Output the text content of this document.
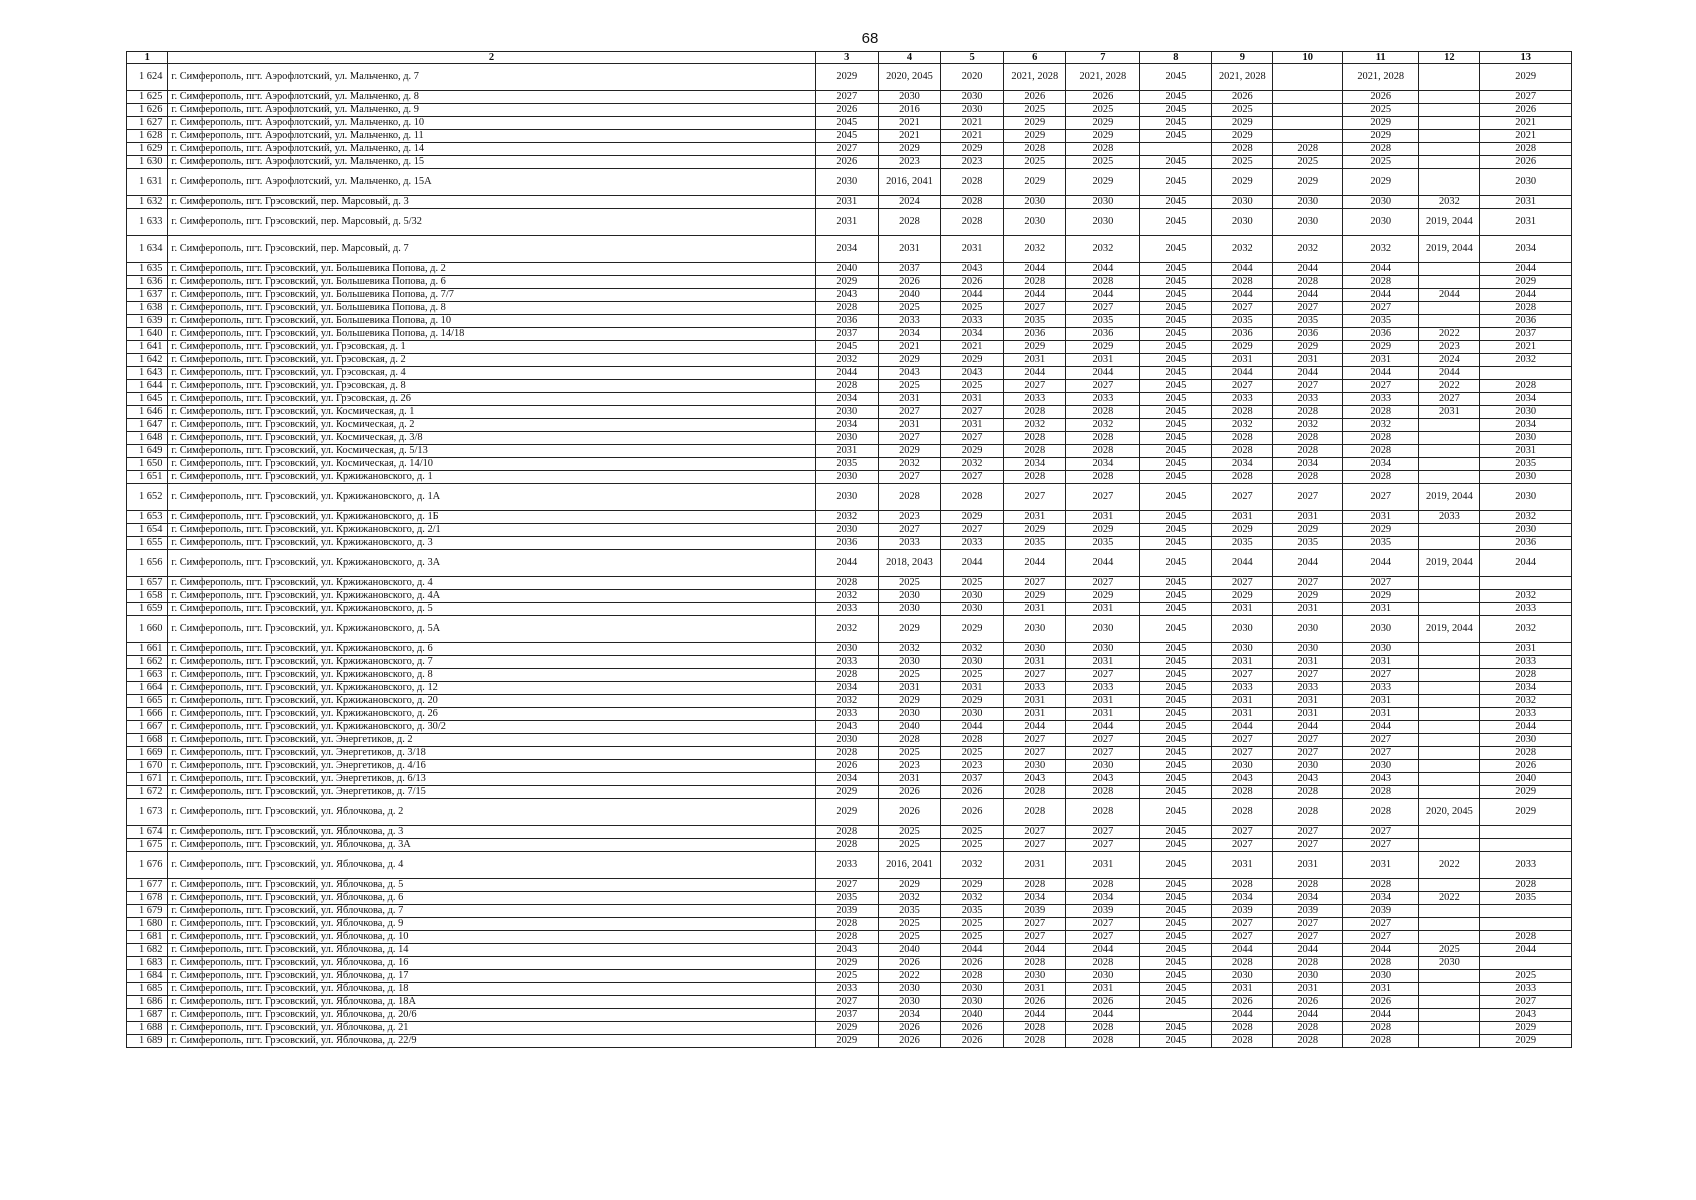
68
1	2	3	4	5	6	7	8	9	10	11	12	13
1 624	г. Симферополь, пгт. Аэрофлотский, ул. Мальченко, д. 7	2029	2020, 2045	2020	2021, 2028	2021, 2028	2045	2021, 2028		2021, 2028		2029
1 625	г. Симферополь, пгт. Аэрофлотский, ул. Мальченко, д. 8	2027	2030	2030	2026	2026	2045	2026		2026		2027
1 626	г. Симферополь, пгт. Аэрофлотский, ул. Мальченко, д. 9	2026	2016	2030	2025	2025	2045	2025		2025		2026
1 627	г. Симферополь, пгт. Аэрофлотский, ул. Мальченко, д. 10	2045	2021	2021	2029	2029	2045	2029		2029		2021
1 628	г. Симферополь, пгт. Аэрофлотский, ул. Мальченко, д. 11	2045	2021	2021	2029	2029	2045	2029		2029		2021
1 629	г. Симферополь, пгт. Аэрофлотский, ул. Мальченко, д. 14	2027	2029	2029	2028	2028		2028	2028	2028		2028
1 630	г. Симферополь, пгт. Аэрофлотский, ул. Мальченко, д. 15	2026	2023	2023	2025	2025	2045	2025	2025	2025		2026
1 631	г. Симферополь, пгт. Аэрофлотский, ул. Мальченко, д. 15А	2030	2016, 2041	2028	2029	2029	2045	2029	2029	2029		2030
1 632	г. Симферополь, пгт. Грэсовский, пер. Марсовый, д. 3	2031	2024	2028	2030	2030	2045	2030	2030	2030	2032	2031
1 633	г. Симферополь, пгт. Грэсовский, пер. Марсовый, д. 5/32	2031	2028	2028	2030	2030	2045	2030	2030	2030	2019, 2044	2031
1 634	г. Симферополь, пгт. Грэсовский, пер. Марсовый, д. 7	2034	2031	2031	2032	2032	2045	2032	2032	2032	2019, 2044	2034
1 635	г. Симферополь, пгт. Грэсовский, ул. Большевика Попова, д. 2	2040	2037	2043	2044	2044	2045	2044	2044	2044		2044
1 636	г. Симферополь, пгт. Грэсовский, ул. Большевика Попова, д. 6	2029	2026	2026	2028	2028	2045	2028	2028	2028		2029
1 637	г. Симферополь, пгт. Грэсовский, ул. Большевика Попова, д. 7/7	2043	2040	2044	2044	2044	2045	2044	2044	2044	2044	2044
1 638	г. Симферополь, пгт. Грэсовский, ул. Большевика Попова, д. 8	2028	2025	2025	2027	2027	2045	2027	2027	2027		2028
1 639	г. Симферополь, пгт. Грэсовский, ул. Большевика Попова, д. 10	2036	2033	2033	2035	2035	2045	2035	2035	2035		2036
1 640	г. Симферополь, пгт. Грэсовский, ул. Большевика Попова, д. 14/18	2037	2034	2034	2036	2036	2045	2036	2036	2036	2022	2037
1 641	г. Симферополь, пгт. Грэсовский, ул. Грэсовская, д. 1	2045	2021	2021	2029	2029	2045	2029	2029	2029	2023	2021
1 642	г. Симферополь, пгт. Грэсовский, ул. Грэсовская, д. 2	2032	2029	2029	2031	2031	2045	2031	2031	2031	2024	2032
1 643	г. Симферополь, пгт. Грэсовский, ул. Грэсовская, д. 4	2044	2043	2043	2044	2044	2045	2044	2044	2044	2044	
1 644	г. Симферополь, пгт. Грэсовский, ул. Грэсовская, д. 8	2028	2025	2025	2027	2027	2045	2027	2027	2027	2022	2028
1 645	г. Симферополь, пгт. Грэсовский, ул. Грэсовская, д. 26	2034	2031	2031	2033	2033	2045	2033	2033	2033	2027	2034
1 646	г. Симферополь, пгт. Грэсовский, ул. Космическая, д. 1	2030	2027	2027	2028	2028	2045	2028	2028	2028	2031	2030
1 647	г. Симферополь, пгт. Грэсовский, ул. Космическая, д. 2	2034	2031	2031	2032	2032	2045	2032	2032	2032		2034
1 648	г. Симферополь, пгт. Грэсовский, ул. Космическая, д. 3/8	2030	2027	2027	2028	2028	2045	2028	2028	2028		2030
1 649	г. Симферополь, пгт. Грэсовский, ул. Космическая, д. 5/13	2031	2029	2029	2028	2028	2045	2028	2028	2028		2031
1 650	г. Симферополь, пгт. Грэсовский, ул. Космическая, д. 14/10	2035	2032	2032	2034	2034	2045	2034	2034	2034		2035
1 651	г. Симферополь, пгт. Грэсовский, ул. Кржижановского, д. 1	2030	2027	2027	2028	2028	2045	2028	2028	2028		2030
1 652	г. Симферополь, пгт. Грэсовский, ул. Кржижановского, д. 1А	2030	2028	2028	2027	2027	2045	2027	2027	2027	2019, 2044	2030
1 653	г. Симферополь, пгт. Грэсовский, ул. Кржижановского, д. 1Б	2032	2023	2029	2031	2031	2045	2031	2031	2031	2033	2032
1 654	г. Симферополь, пгт. Грэсовский, ул. Кржижановского, д. 2/1	2030	2027	2027	2029	2029	2045	2029	2029	2029		2030
1 655	г. Симферополь, пгт. Грэсовский, ул. Кржижановского, д. 3	2036	2033	2033	2035	2035	2045	2035	2035	2035		2036
1 656	г. Симферополь, пгт. Грэсовский, ул. Кржижановского, д. 3А	2044	2018, 2043	2044	2044	2044	2045	2044	2044	2044	2019, 2044	2044
1 657	г. Симферополь, пгт. Грэсовский, ул. Кржижановского, д. 4	2028	2025	2025	2027	2027	2045	2027	2027	2027		
1 658	г. Симферополь, пгт. Грэсовский, ул. Кржижановского, д. 4А	2032	2030	2030	2029	2029	2045	2029	2029	2029		2032
1 659	г. Симферополь, пгт. Грэсовский, ул. Кржижановского, д. 5	2033	2030	2030	2031	2031	2045	2031	2031	2031		2033
1 660	г. Симферополь, пгт. Грэсовский, ул. Кржижановского, д. 5А	2032	2029	2029	2030	2030	2045	2030	2030	2030	2019, 2044	2032
1 661	г. Симферополь, пгт. Грэсовский, ул. Кржижановского, д. 6	2030	2032	2032	2030	2030	2045	2030	2030	2030		2031
1 662	г. Симферополь, пгт. Грэсовский, ул. Кржижановского, д. 7	2033	2030	2030	2031	2031	2045	2031	2031	2031		2033
1 663	г. Симферополь, пгт. Грэсовский, ул. Кржижановского, д. 8	2028	2025	2025	2027	2027	2045	2027	2027	2027		2028
1 664	г. Симферополь, пгт. Грэсовский, ул. Кржижановского, д. 12	2034	2031	2031	2033	2033	2045	2033	2033	2033		2034
1 665	г. Симферополь, пгт. Грэсовский, ул. Кржижановского, д. 20	2032	2029	2029	2031	2031	2045	2031	2031	2031		2032
1 666	г. Симферополь, пгт. Грэсовский, ул. Кржижановского, д. 26	2033	2030	2030	2031	2031	2045	2031	2031	2031		2033
1 667	г. Симферополь, пгт. Грэсовский, ул. Кржижановского, д. 30/2	2043	2040	2044	2044	2044	2045	2044	2044	2044		2044
1 668	г. Симферополь, пгт. Грэсовский, ул. Энергетиков, д. 2	2030	2028	2028	2027	2027	2045	2027	2027	2027		2030
1 669	г. Симферополь, пгт. Грэсовский, ул. Энергетиков, д. 3/18	2028	2025	2025	2027	2027	2045	2027	2027	2027		2028
1 670	г. Симферополь, пгт. Грэсовский, ул. Энергетиков, д. 4/16	2026	2023	2023	2030	2030	2045	2030	2030	2030		2026
1 671	г. Симферополь, пгт. Грэсовский, ул. Энергетиков, д. 6/13	2034	2031	2037	2043	2043	2045	2043	2043	2043		2040
1 672	г. Симферополь, пгт. Грэсовский, ул. Энергетиков, д. 7/15	2029	2026	2026	2028	2028	2045	2028	2028	2028		2029
1 673	г. Симферополь, пгт. Грэсовский, ул. Яблочкова, д. 2	2029	2026	2026	2028	2028	2045	2028	2028	2028	2020, 2045	2029
1 674	г. Симферополь, пгт. Грэсовский, ул. Яблочкова, д. 3	2028	2025	2025	2027	2027	2045	2027	2027	2027		
1 675	г. Симферополь, пгт. Грэсовский, ул. Яблочкова, д. 3А	2028	2025	2025	2027	2027	2045	2027	2027	2027		
1 676	г. Симферополь, пгт. Грэсовский, ул. Яблочкова, д. 4	2033	2016, 2041	2032	2031	2031	2045	2031	2031	2031	2022	2033
1 677	г. Симферополь, пгт. Грэсовский, ул. Яблочкова, д. 5	2027	2029	2029	2028	2028	2045	2028	2028	2028		2028
1 678	г. Симферополь, пгт. Грэсовский, ул. Яблочкова, д. 6	2035	2032	2032	2034	2034	2045	2034	2034	2034	2022	2035
1 679	г. Симферополь, пгт. Грэсовский, ул. Яблочкова, д. 7	2039	2035	2035	2039	2039	2045	2039	2039	2039		
1 680	г. Симферополь, пгт. Грэсовский, ул. Яблочкова, д. 9	2028	2025	2025	2027	2027	2045	2027	2027	2027		
1 681	г. Симферополь, пгт. Грэсовский, ул. Яблочкова, д. 10	2028	2025	2025	2027	2027	2045	2027	2027	2027		2028
1 682	г. Симферополь, пгт. Грэсовский, ул. Яблочкова, д. 14	2043	2040	2044	2044	2044	2045	2044	2044	2044	2025	2044
1 683	г. Симферополь, пгт. Грэсовский, ул. Яблочкова, д. 16	2029	2026	2026	2028	2028	2045	2028	2028	2028	2030	
1 684	г. Симферополь, пгт. Грэсовский, ул. Яблочкова, д. 17	2025	2022	2028	2030	2030	2045	2030	2030	2030		2025
1 685	г. Симферополь, пгт. Грэсовский, ул. Яблочкова, д. 18	2033	2030	2030	2031	2031	2045	2031	2031	2031		2033
1 686	г. Симферополь, пгт. Грэсовский, ул. Яблочкова, д. 18А	2027	2030	2030	2026	2026	2045	2026	2026	2026		2027
1 687	г. Симферополь, пгт. Грэсовский, ул. Яблочкова, д. 20/6	2037	2034	2040	2044	2044		2044	2044	2044		2043
1 688	г. Симферополь, пгт. Грэсовский, ул. Яблочкова, д. 21	2029	2026	2026	2028	2028	2045	2028	2028	2028		2029
1 689	г. Симферополь, пгт. Грэсовский, ул. Яблочкова, д. 22/9	2029	2026	2026	2028	2028	2045	2028	2028	2028		2029
